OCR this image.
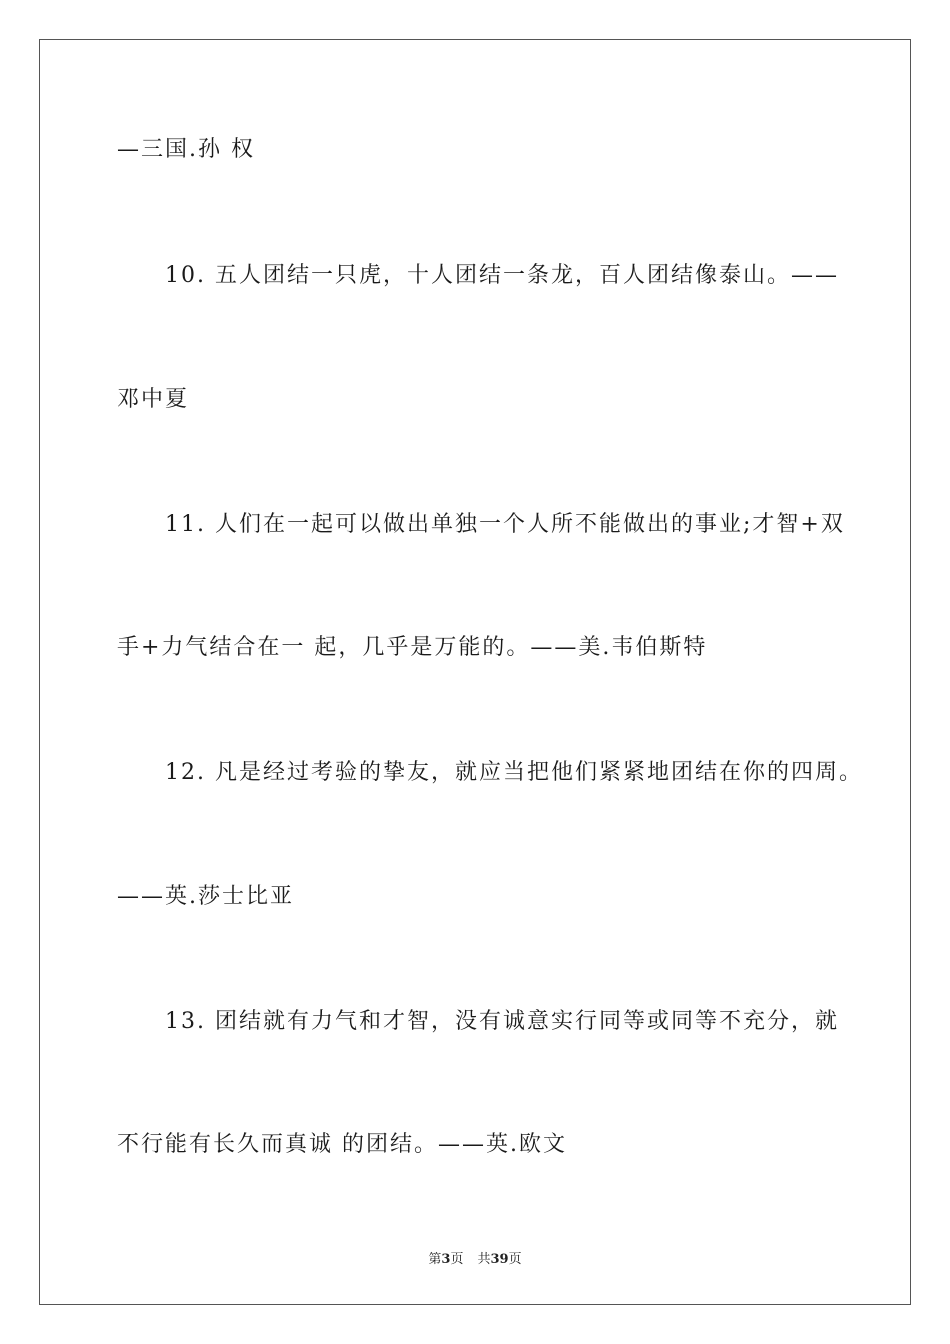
—三国.孙 权
10. 五人团结一只虎，十人团结一条龙，百人团结像泰山。——
邓中夏
11. 人们在一起可以做出单独一个人所不能做出的事业;才智+双
手+力气结合在一 起，几乎是万能的。——美.韦伯斯特
12. 凡是经过考验的挚友，就应当把他们紧紧地团结在你的四周。
——英.莎士比亚
13. 团结就有力气和才智，没有诚意实行同等或同等不充分，就
不行能有长久而真诚 的团结。——英.欧文
第3页 共39页
